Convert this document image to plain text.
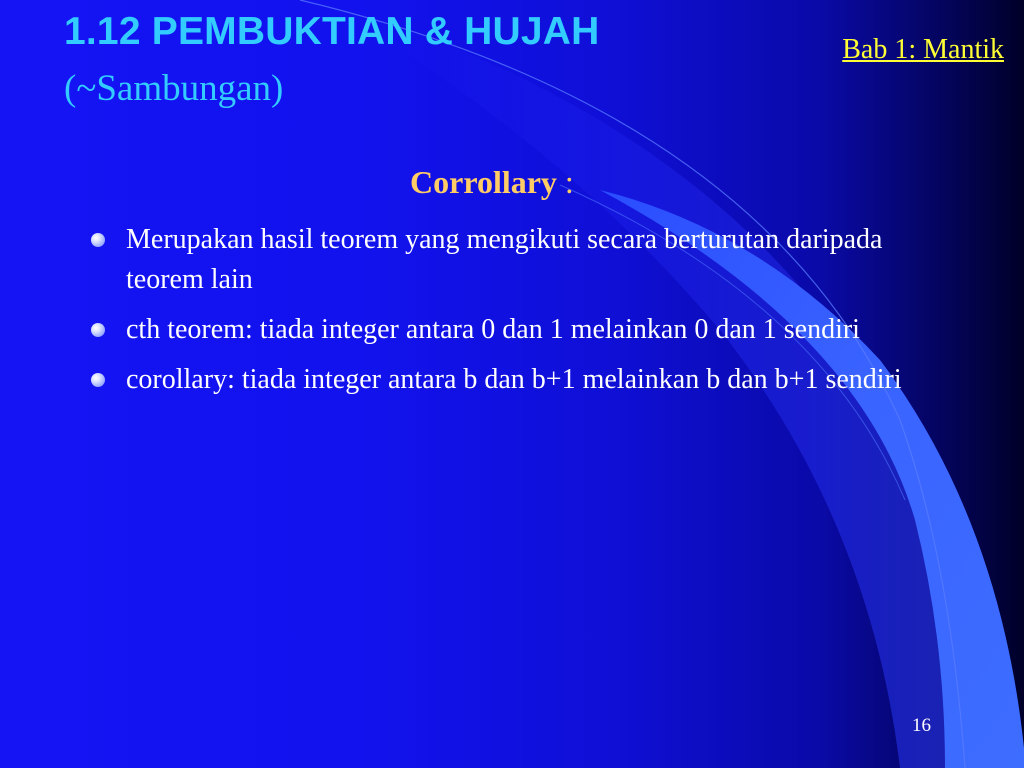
1.12 PEMBUKTIAN & HUJAH
(~Sambungan)
Bab 1: Mantik
Corrollary :
Merupakan hasil teorem yang mengikuti secara berturutan daripada teorem lain
cth teorem: tiada integer antara 0 dan 1 melainkan 0 dan 1 sendiri
corollary: tiada integer antara b dan b+1 melainkan b dan b+1 sendiri
16
